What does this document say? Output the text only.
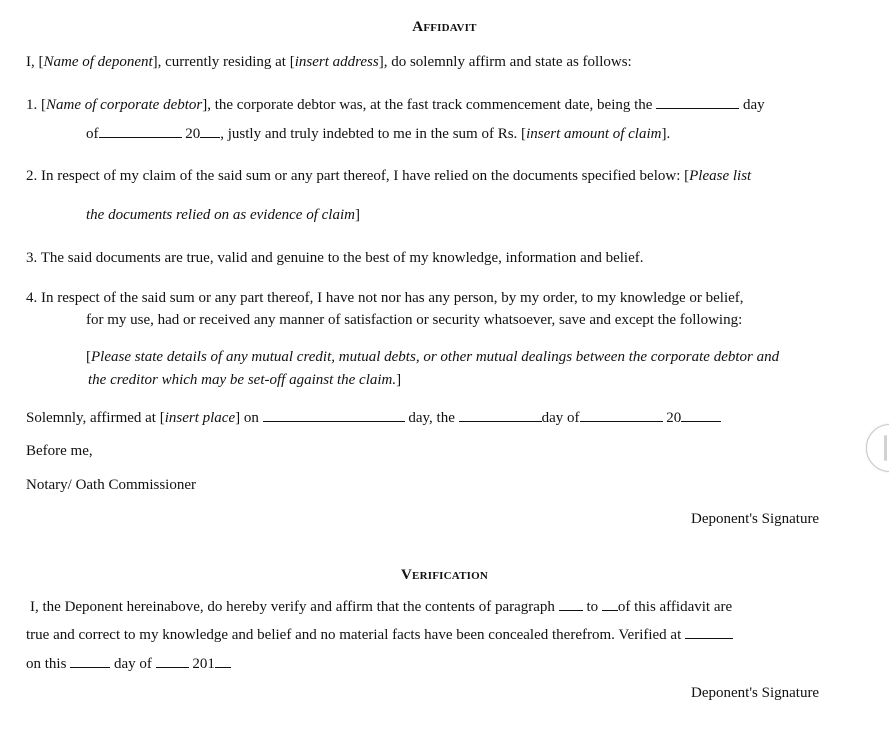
Affidavit
I, [Name of deponent], currently residing at [insert address], do solemnly affirm and state as follows:
1. [Name of corporate debtor], the corporate debtor was, at the fast track commencement date, being the	day
of	20 , justly and truly indebted to me in the sum of Rs. [insert amount of claim].
2. In respect of my claim of the said sum or any part thereof, I have relied on the documents specified below: [Please list
the documents relied on as evidence of claim]
3. The said documents are true, valid and genuine to the best of my knowledge, information and belief.
4. In respect of the said sum or any part thereof, I have not nor has any person, by my order, to my knowledge or belief,
for my use, had or received any manner of satisfaction or security whatsoever, save and except the following:
[Please state details of any mutual credit, mutual debts, or other mutual dealings between the corporate debtor and
the creditor which may be set-off against the claim.]
Solemnly, affirmed at [insert place] on	day, the	day of	20
Before me,
Notary/ Oath Commissioner
Deponent's Signature
Verification
I, the Deponent hereinabove, do hereby verify and affirm that the contents of paragraph to of this affidavit are
true and correct to my knowledge and belief and no material facts have been concealed therefrom. Verified at
on this	day of	201
Deponent's Signature
